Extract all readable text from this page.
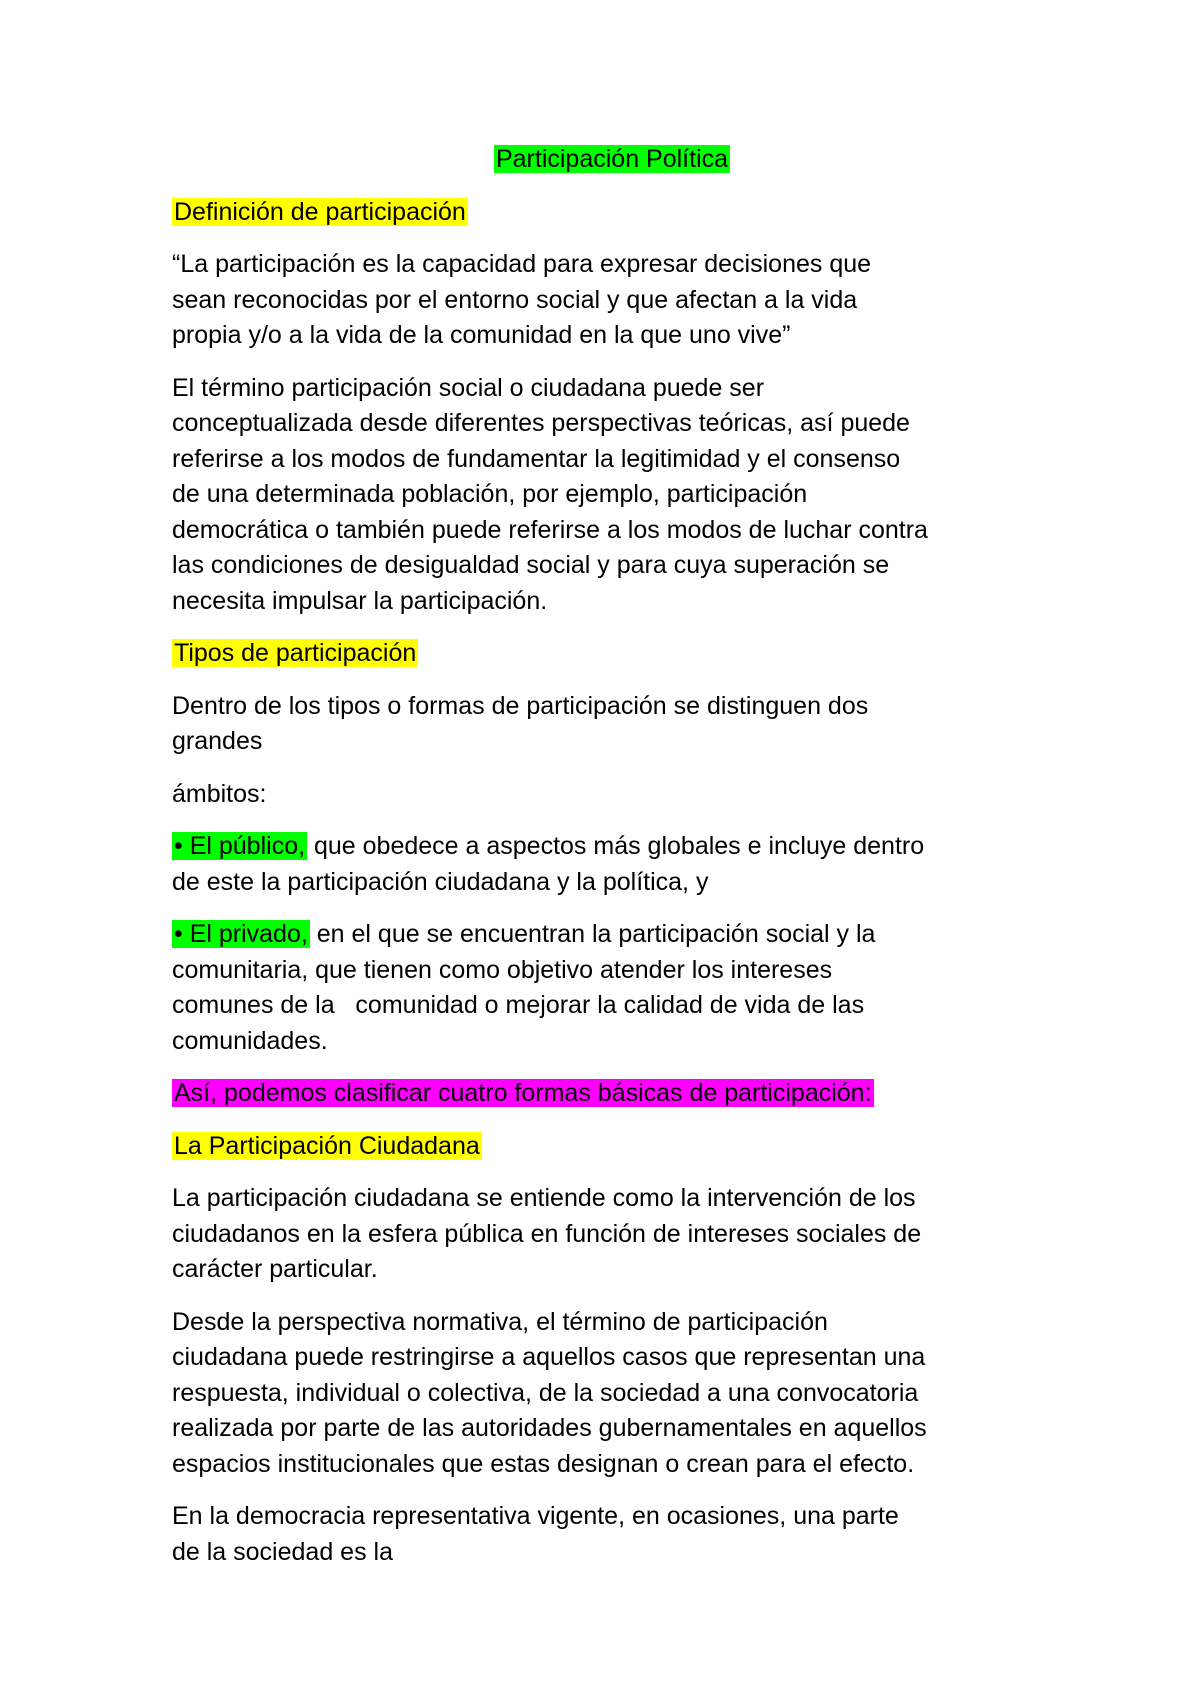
Participación Política

Definición de participación

“La participación es la capacidad para expresar decisiones que
sean reconocidas por el entorno social y que afectan a la vida
propia y/o a la vida de la comunidad en la que uno vive”

El término participación social o ciudadana puede ser
conceptualizada desde diferentes perspectivas teóricas, así puede
referirse a los modos de fundamentar la legitimidad y el consenso
de una determinada población, por ejemplo, participación
democrática o también puede referirse a los modos de luchar contra
las condiciones de desigualdad social y para cuya superación se
necesita impulsar la participación.

Tipos de participación

Dentro de los tipos o formas de participación se distinguen dos
grandes

ámbitos:

• El público, que obedece a aspectos más globales e incluye dentro
de este la participación ciudadana y la política, y

• El privado, en el que se encuentran la participación social y la
comunitaria, que tienen como objetivo atender los intereses
comunes de la   comunidad o mejorar la calidad de vida de las
comunidades.

Así, podemos clasificar cuatro formas básicas de participación:

La Participación Ciudadana

La participación ciudadana se entiende como la intervención de los
ciudadanos en la esfera pública en función de intereses sociales de
carácter particular.

Desde la perspectiva normativa, el término de participación
ciudadana puede restringirse a aquellos casos que representan una
respuesta, individual o colectiva, de la sociedad a una convocatoria
realizada por parte de las autoridades gubernamentales en aquellos
espacios institucionales que estas designan o crean para el efecto.

En la democracia representativa vigente, en ocasiones, una parte
de la sociedad es la
